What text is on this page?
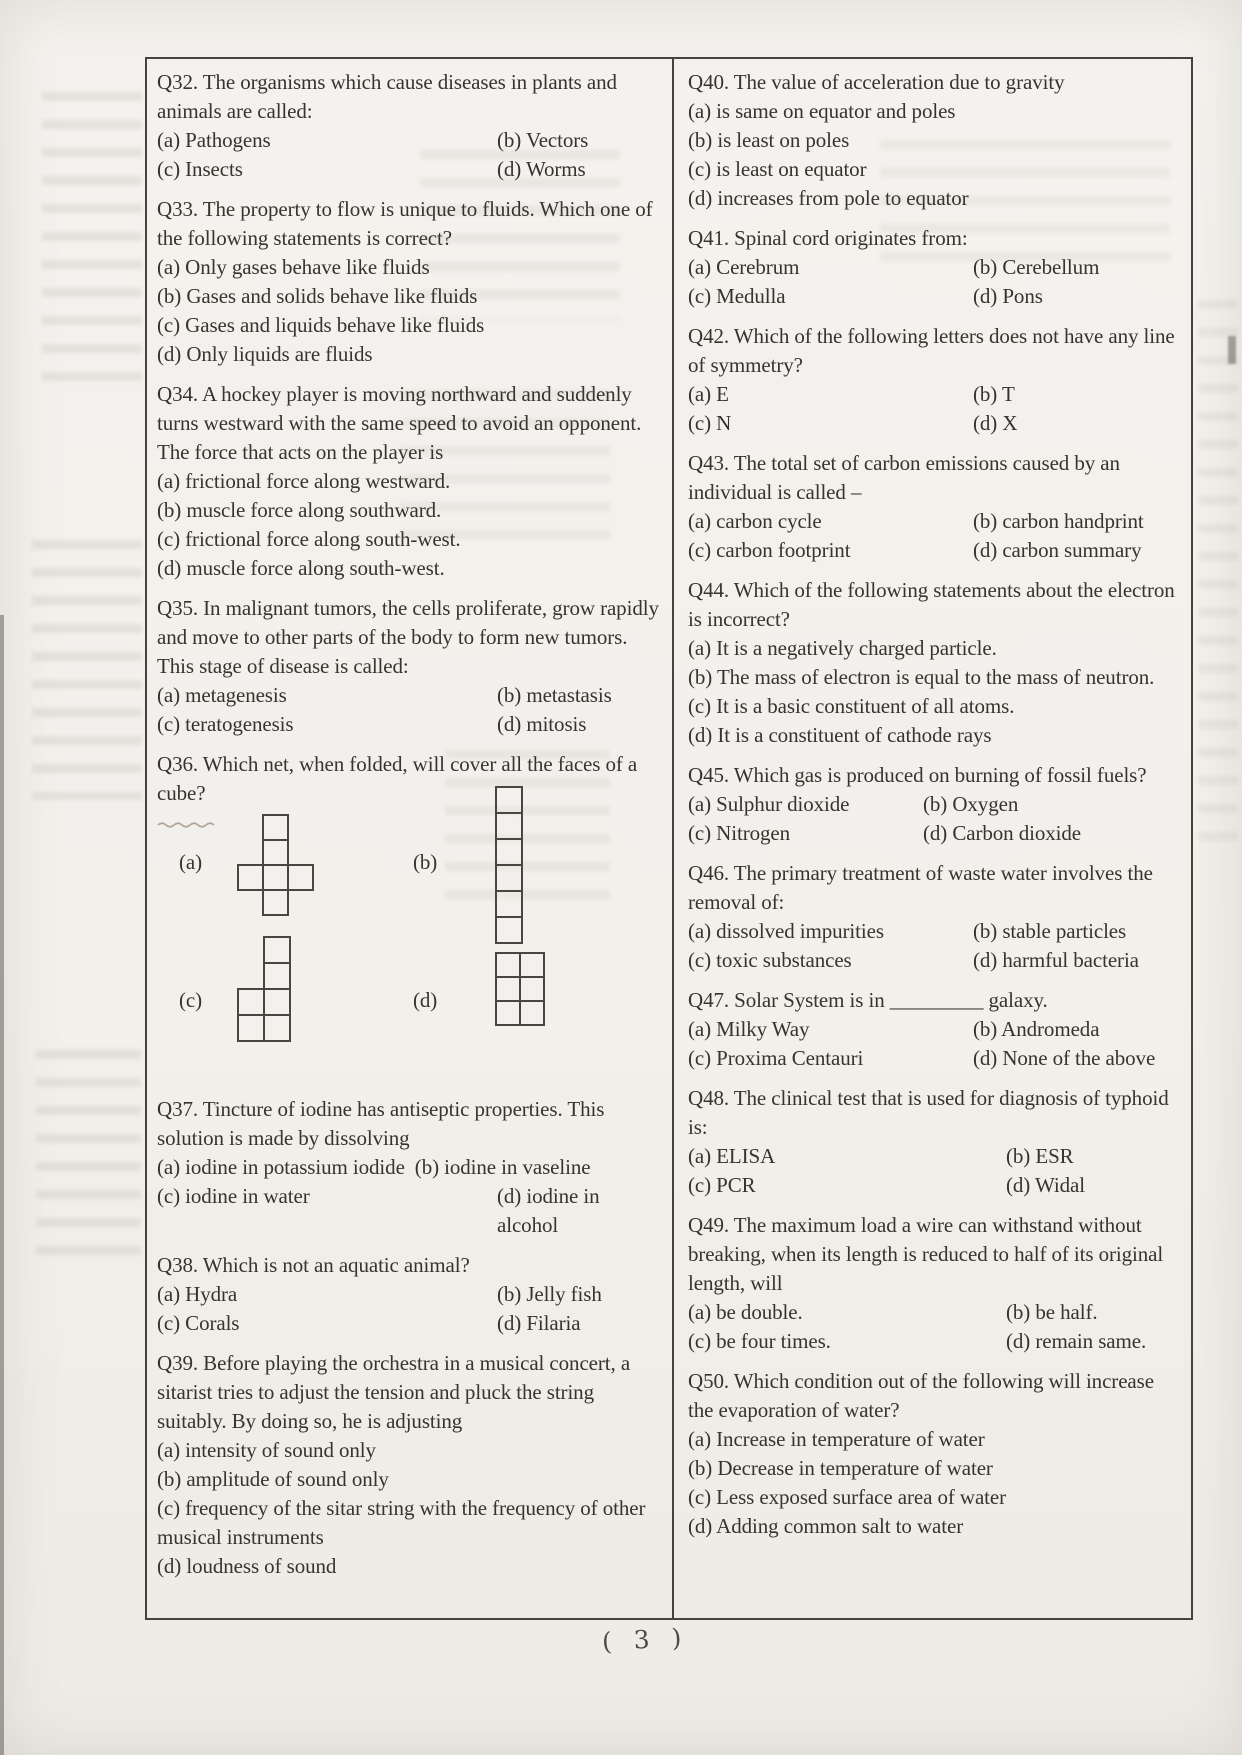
Q32. The organisms which cause diseases in plants and animals are called:
(a) Pathogens	(b) Vectors
(c) Insects	(d) Worms
Q33. The property to flow is unique to fluids. Which one of the following statements is correct?
(a) Only gases behave like fluids
(b) Gases and solids behave like fluids
(c) Gases and liquids behave like fluids
(d) Only liquids are fluids
Q34. A hockey player is moving northward and suddenly turns westward with the same speed to avoid an opponent. The force that acts on the player is
(a) frictional force along westward.
(b) muscle force along southward.
(c) frictional force along south-west.
(d) muscle force along south-west.
Q35. In malignant tumors, the cells proliferate, grow rapidly and move to other parts of the body to form new tumors. This stage of disease is called:
(a) metagenesis	(b) metastasis
(c) teratogenesis	(d) mitosis
Q36. Which net, when folded, will cover all the faces of a cube?
(a)	(b)
(c)	(d)
Q37. Tincture of iodine has antiseptic properties. This solution is made by dissolving
(a) iodine in potassium iodide (b) iodine in vaseline
(c) iodine in water	(d) iodine in alcohol
Q38. Which is not an aquatic animal?
(a) Hydra	(b) Jelly fish
(c) Corals	(d) Filaria
Q39. Before playing the orchestra in a musical concert, a sitarist tries to adjust the tension and pluck the string suitably. By doing so, he is adjusting
(a) intensity of sound only
(b) amplitude of sound only
(c) frequency of the sitar string with the frequency of other musical instruments
(d) loudness of sound
Q40. The value of acceleration due to gravity
(a) is same on equator and poles
(b) is least on poles
(c) is least on equator
(d) increases from pole to equator
Q41. Spinal cord originates from:
(a) Cerebrum	(b) Cerebellum
(c) Medulla	(d) Pons
Q42. Which of the following letters does not have any line of symmetry?
(a) E	(b) T
(c) N	(d) X
Q43. The total set of carbon emissions caused by an individual is called –
(a) carbon cycle	(b) carbon handprint
(c) carbon footprint	(d) carbon summary
Q44. Which of the following statements about the electron is incorrect?
(a) It is a negatively charged particle.
(b) The mass of electron is equal to the mass of neutron.
(c) It is a basic constituent of all atoms.
(d) It is a constituent of cathode rays
Q45. Which gas is produced on burning of fossil fuels?
(a) Sulphur dioxide	(b) Oxygen
(c) Nitrogen	(d) Carbon dioxide
Q46. The primary treatment of waste water involves the removal of:
(a) dissolved impurities	(b) stable particles
(c) toxic substances	(d) harmful bacteria
Q47. Solar System is in _________ galaxy.
(a) Milky Way	(b) Andromeda
(c) Proxima Centauri	(d) None of the above
Q48. The clinical test that is used for diagnosis of typhoid is:
(a) ELISA	(b) ESR
(c) PCR	(d) Widal
Q49. The maximum load a wire can withstand without breaking, when its length is reduced to half of its original length, will
(a) be double.	(b) be half.
(c) be four times.	(d) remain same.
Q50. Which condition out of the following will increase the evaporation of water?
(a) Increase in temperature of water
(b) Decrease in temperature of water
(c) Less exposed surface area of water
(d) Adding common salt to water
( 3 )
